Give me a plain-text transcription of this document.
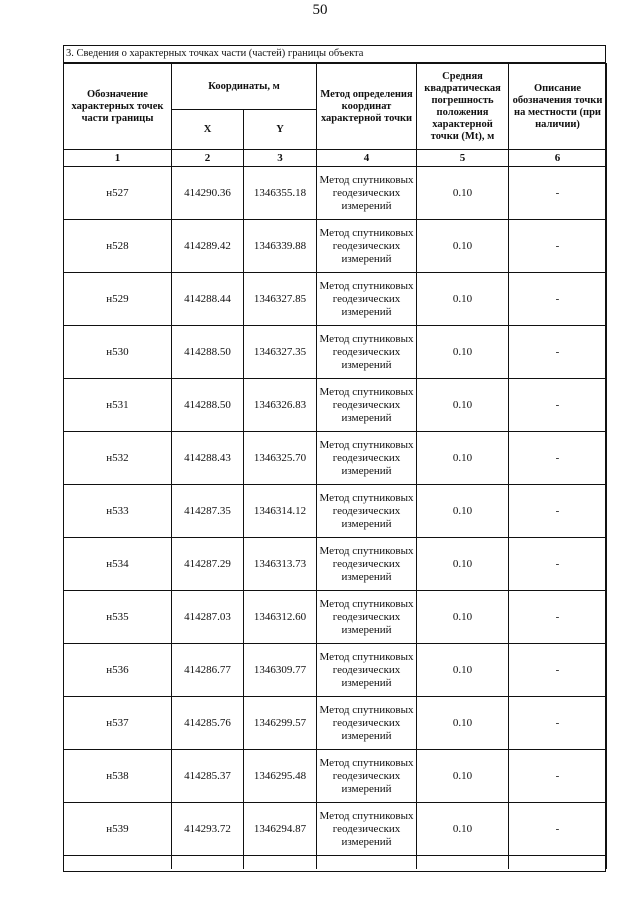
50
3. Сведения о характерных точках части (частей) границы объекта
Обозначение характерных точек части границы	Координаты, м		Метод определения координат характерной точки	Средняя квадратическая погрешность положения характерной точки (Mt), м	Описание обозначения точки на местности (при наличии)
	X	Y			
1	2	3	4	5	6
н527	414290.36	1346355.18	Метод спутниковых геодезических измерений	0.10	-
н528	414289.42	1346339.88	Метод спутниковых геодезических измерений	0.10	-
н529	414288.44	1346327.85	Метод спутниковых геодезических измерений	0.10	-
н530	414288.50	1346327.35	Метод спутниковых геодезических измерений	0.10	-
н531	414288.50	1346326.83	Метод спутниковых геодезических измерений	0.10	-
н532	414288.43	1346325.70	Метод спутниковых геодезических измерений	0.10	-
н533	414287.35	1346314.12	Метод спутниковых геодезических измерений	0.10	-
н534	414287.29	1346313.73	Метод спутниковых геодезических измерений	0.10	-
н535	414287.03	1346312.60	Метод спутниковых геодезических измерений	0.10	-
н536	414286.77	1346309.77	Метод спутниковых геодезических измерений	0.10	-
н537	414285.76	1346299.57	Метод спутниковых геодезических измерений	0.10	-
н538	414285.37	1346295.48	Метод спутниковых геодезических измерений	0.10	-
н539	414293.72	1346294.87	Метод спутниковых геодезических измерений	0.10	-
